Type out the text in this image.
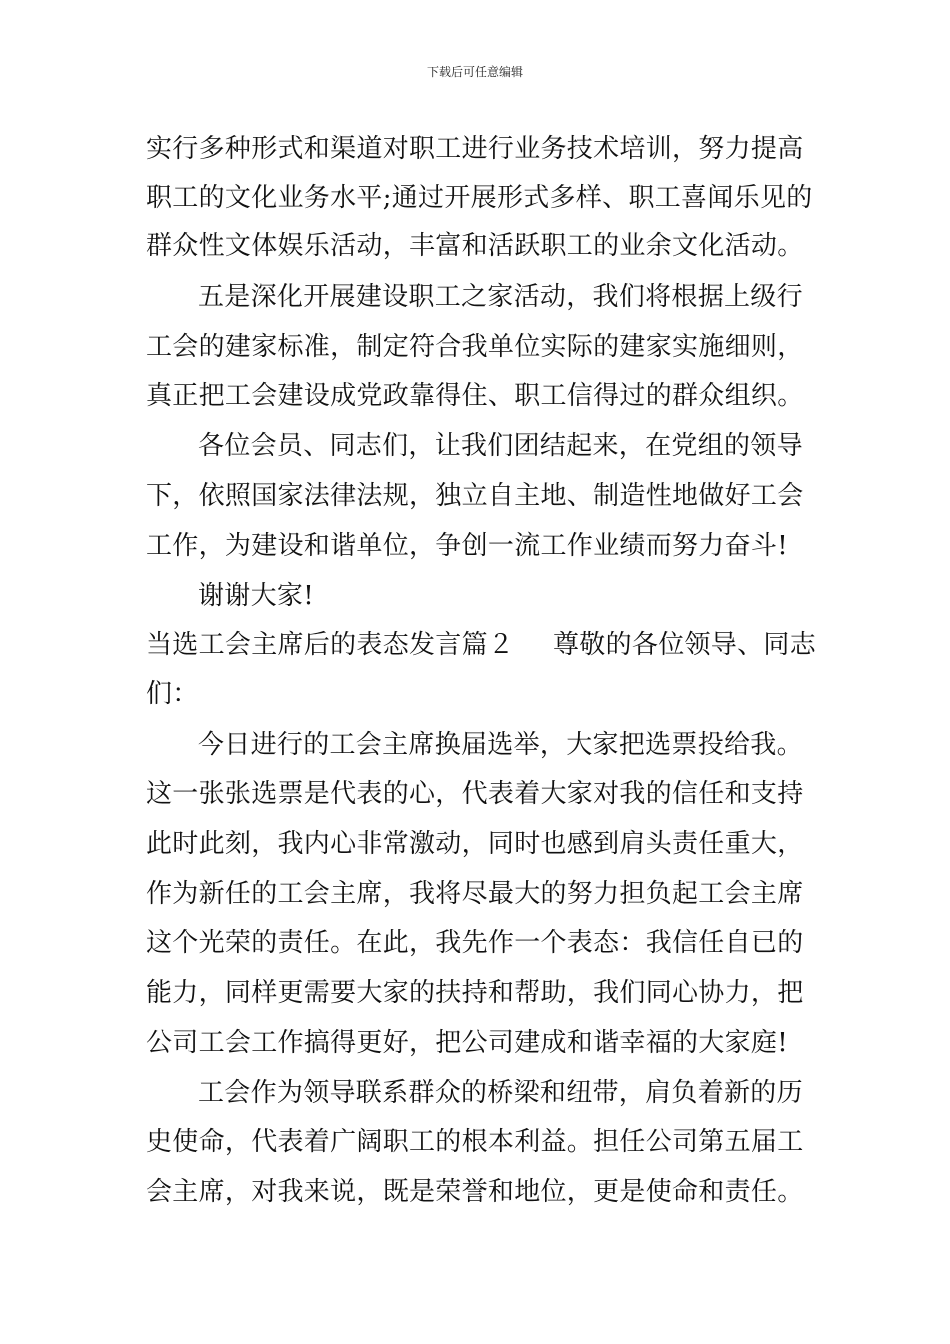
下载后可任意编辑
实行多种形式和渠道对职工进行业务技术培训，努力提高
职工的文化业务水平;通过开展形式多样、职工喜闻乐见的
群众性文体娱乐活动，丰富和活跃职工的业余文化活动。
五是深化开展建设职工之家活动，我们将根据上级行
工会的建家标准，制定符合我单位实际的建家实施细则，
真正把工会建设成党政靠得住、职工信得过的群众组织。
各位会员、同志们，让我们团结起来，在党组的领导
下，依照国家法律法规，独立自主地、制造性地做好工会
工作，为建设和谐单位，争创一流工作业绩而努力奋斗!
谢谢大家!
当选工会主席后的表态发言篇２	尊敬的各位领导、同志
们：
今日进行的工会主席换届选举，大家把选票投给我。
这一张张选票是代表的心，代表着大家对我的信任和支持
此时此刻，我内心非常激动，同时也感到肩头责任重大，
作为新任的工会主席，我将尽最大的努力担负起工会主席
这个光荣的责任。在此，我先作一个表态：我信任自已的
能力，同样更需要大家的扶持和帮助，我们同心协力，把
公司工会工作搞得更好，把公司建成和谐幸福的大家庭!
工会作为领导联系群众的桥梁和纽带，肩负着新的历
史使命，代表着广阔职工的根本利益。担任公司第五届工
会主席，对我来说，既是荣誉和地位，更是使命和责任。
